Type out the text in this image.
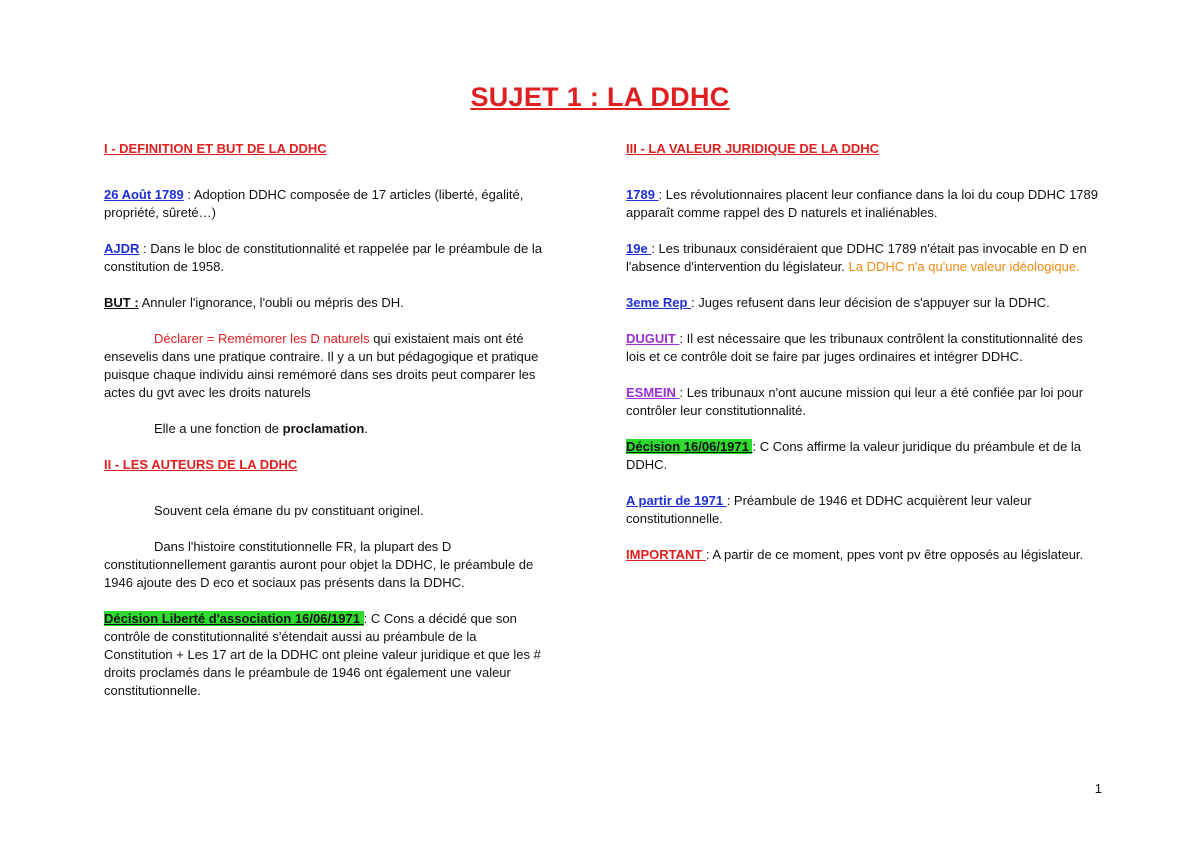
SUJET 1 : LA DDHC

I - DEFINITION ET BUT DE LA DDHC

26 Août 1789 : Adoption DDHC composée de 17 articles (liberté, égalité, propriété, sûreté…)

AJDR : Dans le bloc de constitutionnalité et rappelée par le préambule de la constitution de 1958.

BUT : Annuler l'ignorance, l'oubli ou mépris des DH.

Déclarer = Remémorer les D naturels qui existaient mais ont été ensevelis dans une pratique contraire. Il y a un but pédagogique et pratique puisque chaque individu ainsi remémoré dans ses droits peut comparer les actes du gvt avec les droits naturels

Elle a une fonction de proclamation.

II - LES AUTEURS DE LA DDHC

Souvent cela émane du pv constituant originel.

Dans l'histoire constitutionnelle FR, la plupart des D constitutionnellement garantis auront pour objet la DDHC, le préambule de 1946 ajoute des D eco et sociaux pas présents dans la DDHC.

Décision Liberté d'association 16/06/1971 : C Cons a décidé que son contrôle de constitutionnalité s'étendait aussi au préambule de la Constitution + Les 17 art de la DDHC ont pleine valeur juridique et que les # droits proclamés dans le préambule de 1946 ont également une valeur constitutionnelle.

III - LA VALEUR JURIDIQUE DE LA DDHC

1789 : Les révolutionnaires placent leur confiance dans la loi du coup DDHC 1789 apparaît comme rappel des D naturels et inaliénables.

19e : Les tribunaux considéraient que DDHC 1789 n'était pas invocable en D en l'absence d'intervention du législateur. La DDHC n'a qu'une valeur idéologique.

3eme Rep : Juges refusent dans leur décision de s'appuyer sur la DDHC.

DUGUIT : Il est nécessaire que les tribunaux contrôlent la constitutionnalité des lois et ce contrôle doit se faire par juges ordinaires et intégrer DDHC.

ESMEIN : Les tribunaux n'ont aucune mission qui leur a été confiée par loi pour contrôler leur constitutionnalité.

Décision 16/06/1971 : C Cons affirme la valeur juridique du préambule et de la DDHC.

A partir de 1971 : Préambule de 1946 et DDHC acquièrent leur valeur constitutionnelle.

IMPORTANT : A partir de ce moment, ppes vont pv être opposés au législateur.

1
